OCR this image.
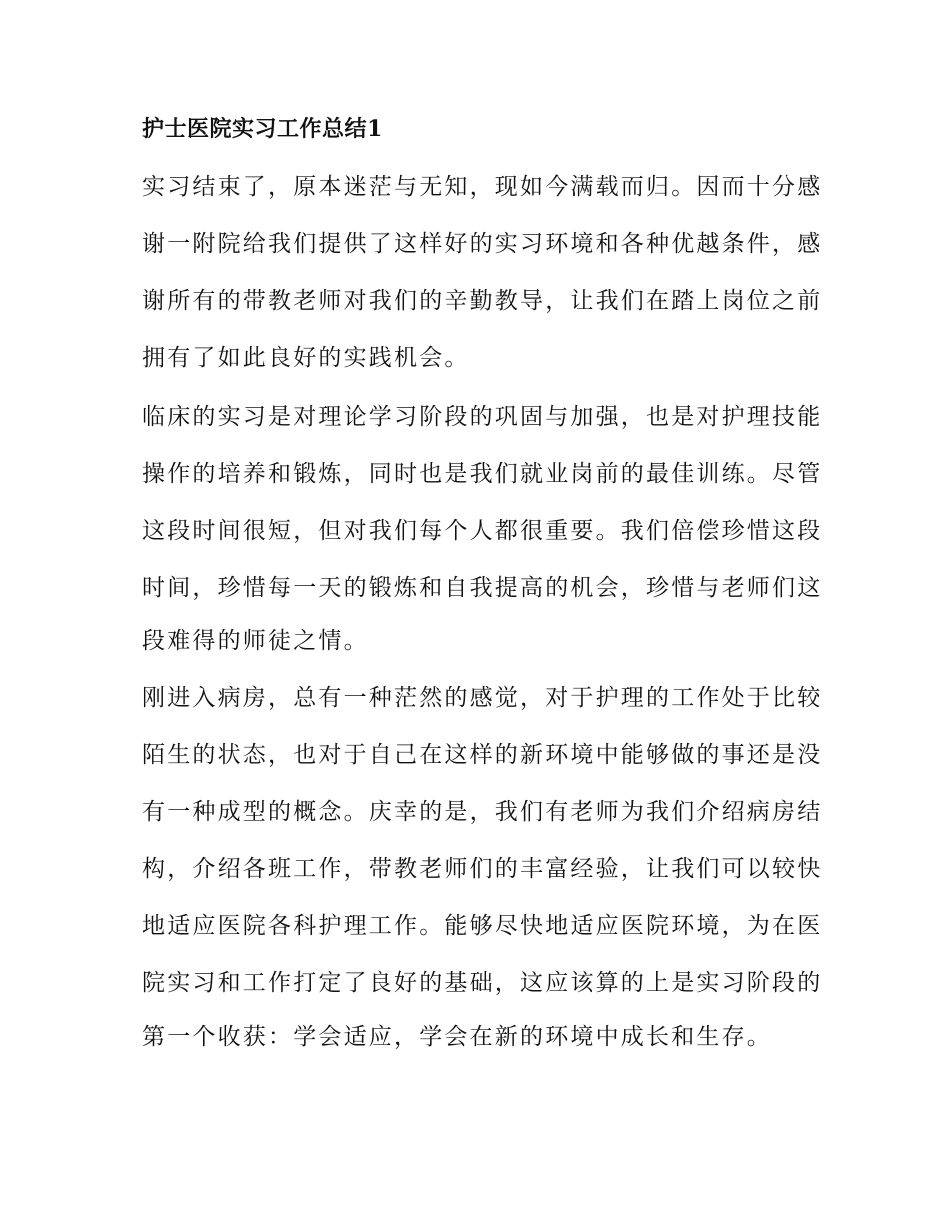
护士医院实习工作总结1
实习结束了，原本迷茫与无知，现如今满载而归。因而十分感
谢一附院给我们提供了这样好的实习环境和各种优越条件，感
谢所有的带教老师对我们的辛勤教导，让我们在踏上岗位之前
拥有了如此良好的实践机会。
临床的实习是对理论学习阶段的巩固与加强，也是对护理技能
操作的培养和锻炼，同时也是我们就业岗前的最佳训练。尽管
这段时间很短，但对我们每个人都很重要。我们倍偿珍惜这段
时间，珍惜每一天的锻炼和自我提高的机会，珍惜与老师们这
段难得的师徒之情。
刚进入病房，总有一种茫然的感觉，对于护理的工作处于比较
陌生的状态，也对于自己在这样的新环境中能够做的事还是没
有一种成型的概念。庆幸的是，我们有老师为我们介绍病房结
构，介绍各班工作，带教老师们的丰富经验，让我们可以较快
地适应医院各科护理工作。能够尽快地适应医院环境，为在医
院实习和工作打定了良好的基础，这应该算的上是实习阶段的
第一个收获：学会适应，学会在新的环境中成长和生存。
